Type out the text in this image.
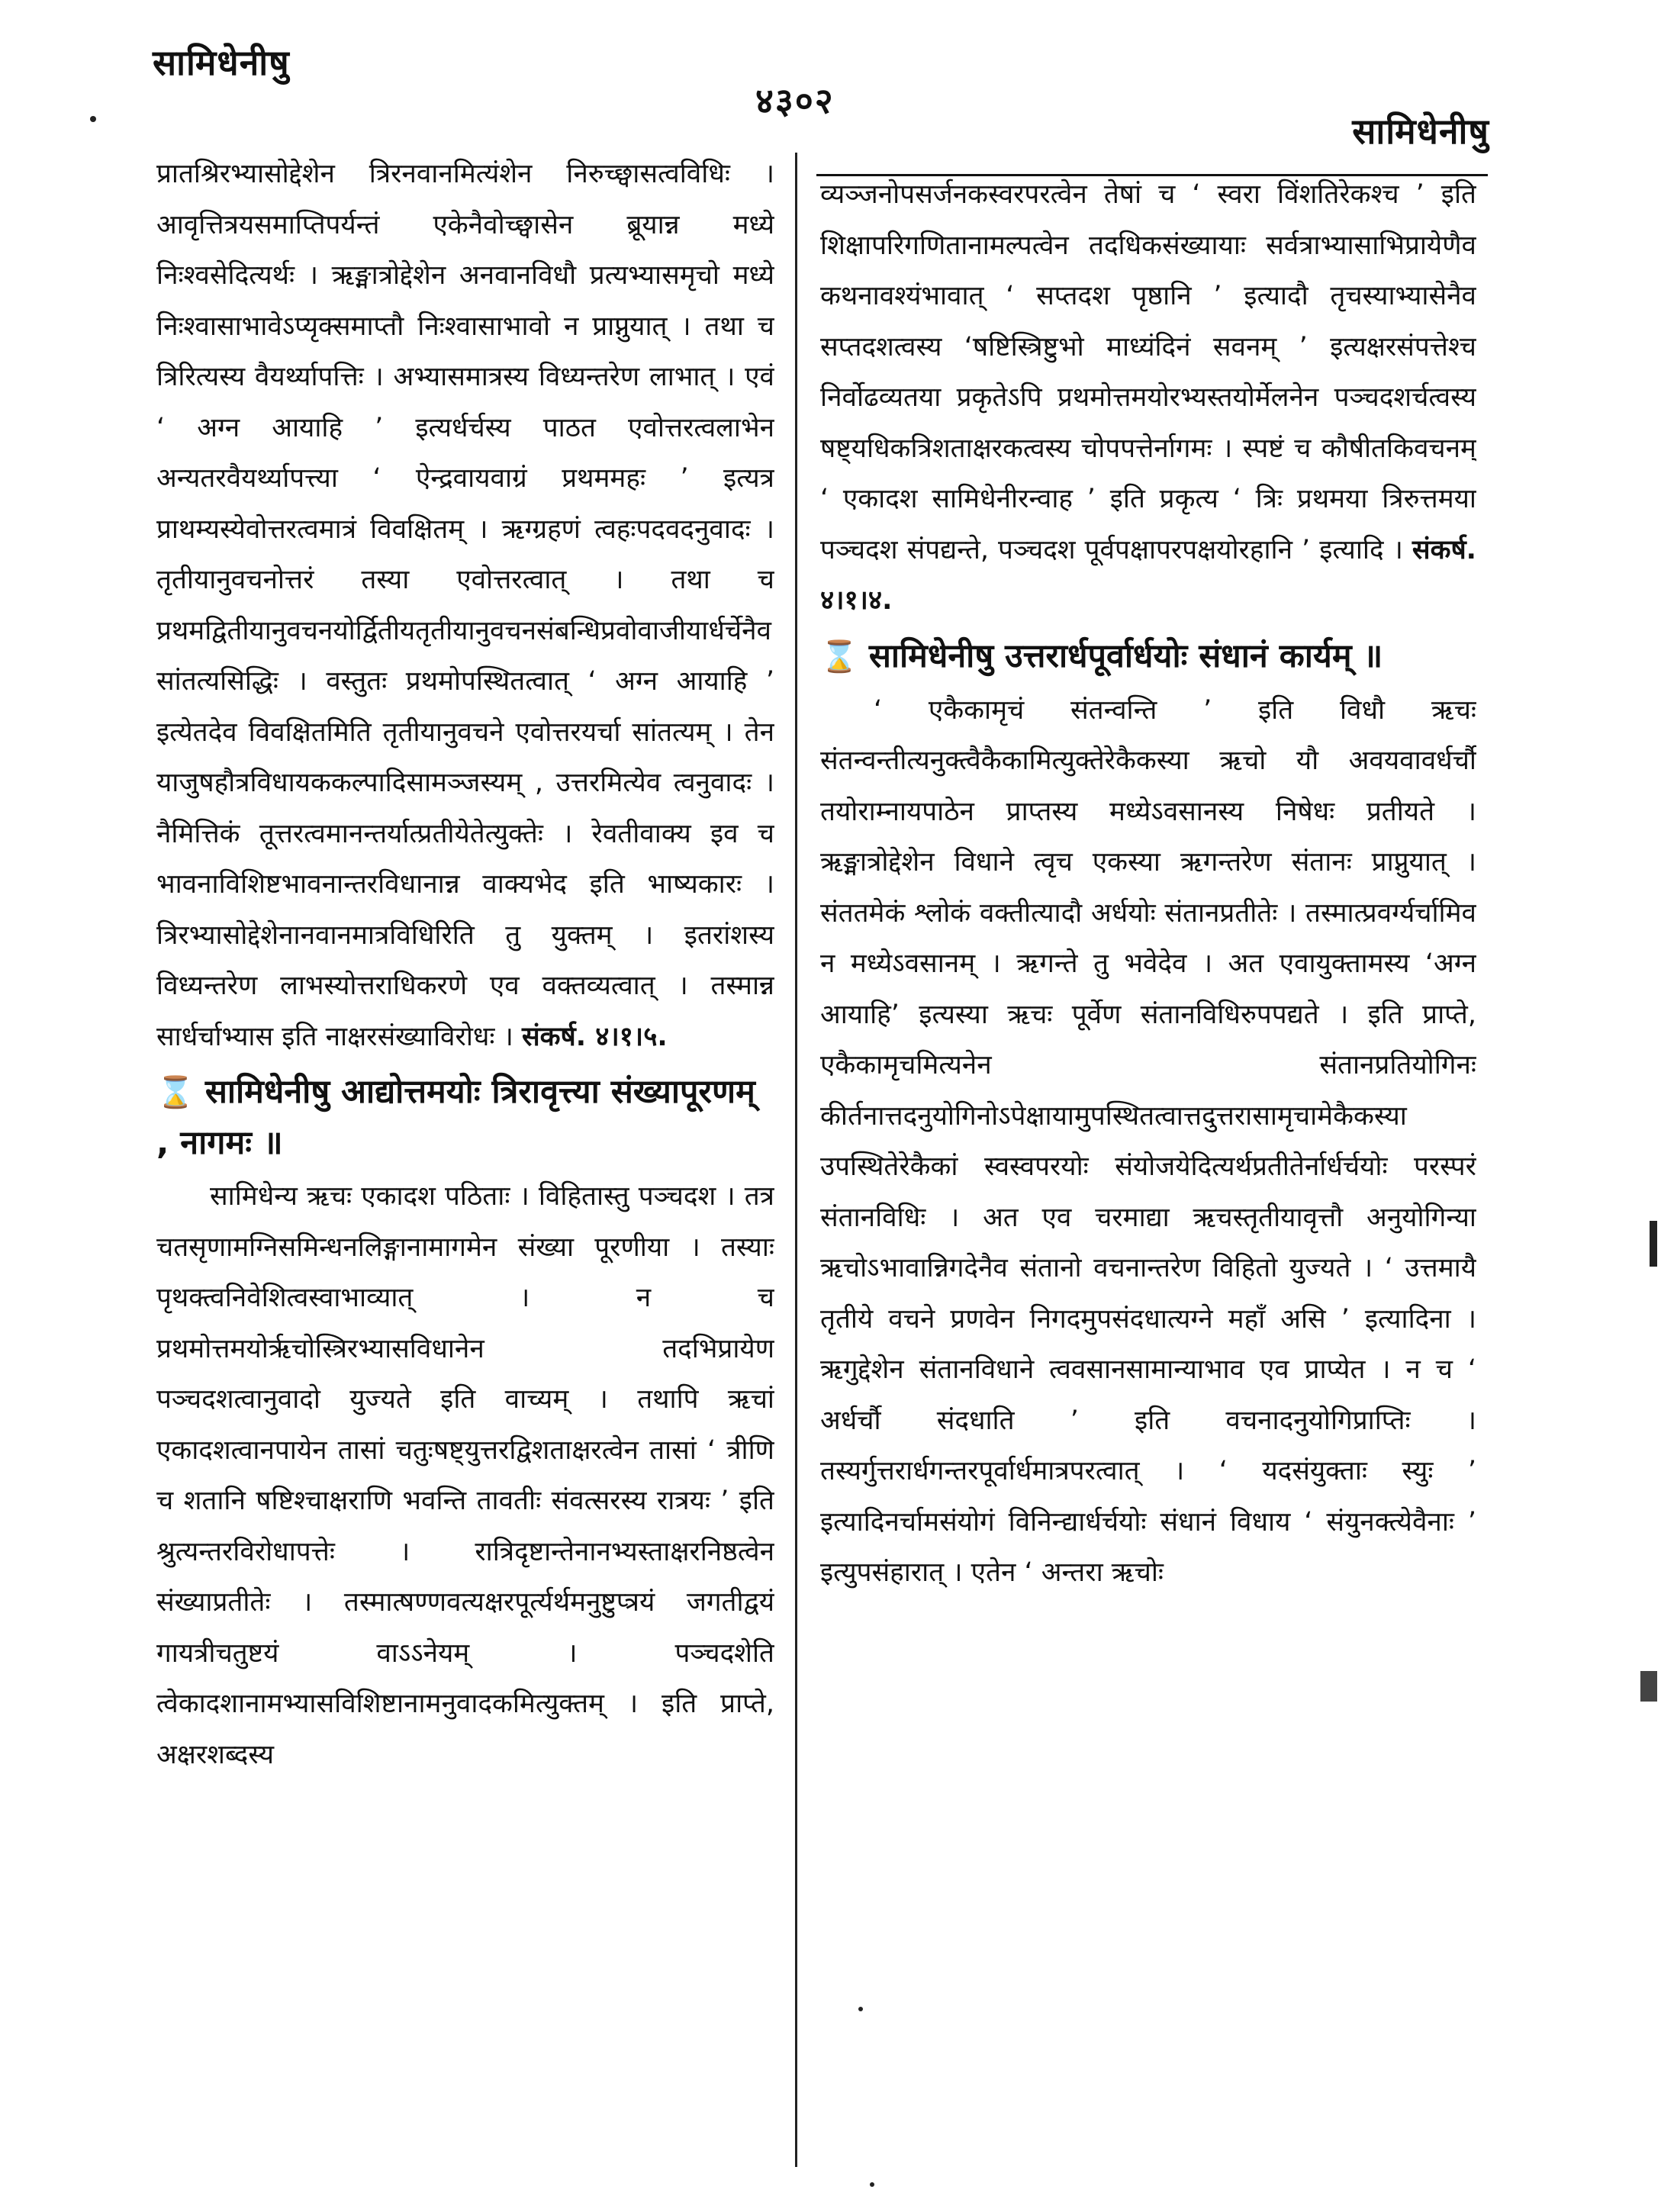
सामिधेनीषु
४३०२
सामिधेनीषु

प्रातश्रिरभ्यासोद्देशेन त्रिरनवानमित्यंशेन निरुच्छ्वासत्वविधिः । आवृत्तित्रयसमाप्तिपर्यन्तं एकेनैवोच्छ्वासेन ब्रूयान्न मध्ये निःश्वसेदित्यर्थः । ऋङ्मात्रोद्देशेन अनवानविधौ प्रत्यभ्यासमृचो मध्ये निःश्वासाभावेऽप्यृक्समाप्तौ निःश्वासाभावो न प्राप्नुयात् । तथा च त्रिरित्यस्य वैयर्थ्यापत्तिः । अभ्यासमात्रस्य विध्यन्तरेण लाभात् । एवं ‘ अग्न आयाहि ’ इत्यर्धर्चस्य पाठत एवोत्तरत्वलाभेन अन्यतरवैयर्थ्यापत्त्या ‘ ऐन्द्रवायवाग्रं प्रथममहः ’ इत्यत्र प्राथम्यस्येवोत्तरत्वमात्रं विवक्षितम् । ऋग्ग्रहणं त्वहःपदवदनुवादः । तृतीयानुवचनोत्तरं तस्या एवोत्तरत्वात् । तथा च प्रथमद्वितीयानुवचनयोर्द्वितीयतृतीयानुवचनसंबन्धिप्रवोवाजीयार्धर्चेनैव सांतत्यसिद्धिः । वस्तुतः प्रथमोपस्थितत्वात् ‘ अग्न आयाहि ’ इत्येतदेव विवक्षितमिति तृतीयानुवचने एवोत्तरयर्चा सांतत्यम् । तेन याजुषहौत्रविधायककल्पादिसामञ्जस्यम् , उत्तरमित्येव त्वनुवादः । नैमित्तिकं तूत्तरत्वमानन्तर्यात्प्रतीयेतेत्युक्तेः । रेवतीवाक्य इव च भावनाविशिष्टभावनान्तरविधानान्न वाक्यभेद इति भाष्यकारः । त्रिरभ्यासोद्देशेनानवानमात्रविधिरिति तु युक्तम् । इतरांशस्य विध्यन्तरेण लाभस्योत्तराधिकरणे एव वक्तव्यत्वात् । तस्मान्न सार्धर्चाभ्यास इति नाक्षरसंख्याविरोधः । संकर्ष. ४।१।५.

⌛ सामिधेनीषु आद्योत्तमयोः त्रिरावृत्त्या संख्यापूरणम् , नागमः ॥

सामिधेन्य ऋचः एकादश पठिताः । विहितास्तु पञ्चदश । तत्र चतसृणामग्निसमिन्धनलिङ्गानामागमेन संख्या पूरणीया । तस्याः पृथक्त्वनिवेशित्वस्वाभाव्यात् । न च प्रथमोत्तमयोर्ऋचोस्त्रिरभ्यासविधानेन तदभिप्रायेण पञ्चदशत्वानुवादो युज्यते इति वाच्यम् । तथापि ऋचां एकादशत्वानपायेन तासां चतुःषष्ट्युत्तरद्विशताक्षरत्वेन तासां ‘ त्रीणि च शतानि षष्टिश्चाक्षराणि भवन्ति तावतीः संवत्सरस्य रात्रयः ’ इति श्रुत्यन्तरविरोधापत्तेः । रात्रिदृष्टान्तेनानभ्यस्ताक्षरनिष्ठत्वेन संख्याप्रतीतेः । तस्मात्षण्णवत्यक्षरपूर्त्यर्थमनुष्टुप्त्रयं जगतीद्वयं गायत्रीचतुष्टयं वाऽऽनेयम् । पञ्चदशेति त्वेकादशानामभ्यासविशिष्टानामनुवादकमित्युक्तम् । इति प्राप्ते, अक्षरशब्दस्य

व्यञ्जनोपसर्जनकस्वरपरत्वेन तेषां च ‘ स्वरा विंशतिरेकश्च ’ इति शिक्षापरिगणितानामल्पत्वेन तदधिकसंख्यायाः सर्वत्राभ्यासाभिप्रायेणैव कथनावश्यंभावात् ‘ सप्तदश पृष्ठानि ’ इत्यादौ तृचस्याभ्यासेनैव सप्तदशत्वस्य ‘षष्टिस्त्रिष्टुभो माध्यंदिनं सवनम् ’ इत्यक्षरसंपत्तेश्च निर्वोढव्यतया प्रकृतेऽपि प्रथमोत्तमयोरभ्यस्तयोर्मेलनेन पञ्चदशर्चत्वस्य षष्ट्यधिकत्रिशताक्षरकत्वस्य चोपपत्तेर्नागमः । स्पष्टं च कौषीतकिवचनम् ‘ एकादश सामिधेनीरन्वाह ’ इति प्रकृत्य ‘ त्रिः प्रथमया त्रिरुत्तमया पञ्चदश संपद्यन्ते, पञ्चदश पूर्वपक्षापरपक्षयोरहानि ’ इत्यादि । संकर्ष. ४।१।४.

⌛ सामिधेनीषु उत्तरार्धपूर्वार्धयोः संधानं कार्यम् ॥

‘ एकैकामृचं संतन्वन्ति ’ इति विधौ ऋचः संतन्वन्तीत्यनुक्त्वैकैकामित्युक्तेरेकैकस्या ऋचो यौ अवयवावर्धर्चौ तयोराम्नायपाठेन प्राप्तस्य मध्येऽवसानस्य निषेधः प्रतीयते । ऋङ्मात्रोद्देशेन विधाने त्वृच एकस्या ऋगन्तरेण संतानः प्राप्नुयात् । संततमेकं श्लोकं वक्तीत्यादौ अर्धयोः संतानप्रतीतेः । तस्मात्प्रवर्ग्यर्चामिव न मध्येऽवसानम् । ऋगन्ते तु भवेदेव । अत एवायुक्तामस्य ‘अग्न आयाहि’ इत्यस्या ऋचः पूर्वेण संतानविधिरुपपद्यते । इति प्राप्ते, एकैकामृचमित्यनेन संतानप्रतियोगिनः कीर्तनात्तदनुयोगिनोऽपेक्षायामुपस्थितत्वात्तदुत्तरासामृचामेकैकस्या उपस्थितेरेकैकां स्वस्वपरयोः संयोजयेदित्यर्थप्रतीतेर्नार्धर्चयोः परस्परं संतानविधिः । अत एव चरमाद्या ऋचस्तृतीयावृत्तौ अनुयोगिन्या ऋचोऽभावान्निगदेनैव संतानो वचनान्तरेण विहितो युज्यते । ‘ उत्तमायै तृतीये वचने प्रणवेन निगदमुपसंदधात्यग्ने महाँ असि ’ इत्यादिना । ऋगुद्देशेन संतानविधाने त्ववसानसामान्याभाव एव प्राप्येत । न च ‘ अर्धर्चौ संदधाति ’ इति वचनादनुयोगिप्राप्तिः । तस्यर्गुत्तरार्धगन्तरपूर्वार्धमात्रपरत्वात् । ‘ यदसंयुक्ताः स्युः ’ इत्यादिनर्चामसंयोगं विनिन्द्यार्धर्चयोः संधानं विधाय ‘ संयुनक्त्येवैनाः ’ इत्युपसंहारात् । एतेन ‘ अन्तरा ऋचोः
